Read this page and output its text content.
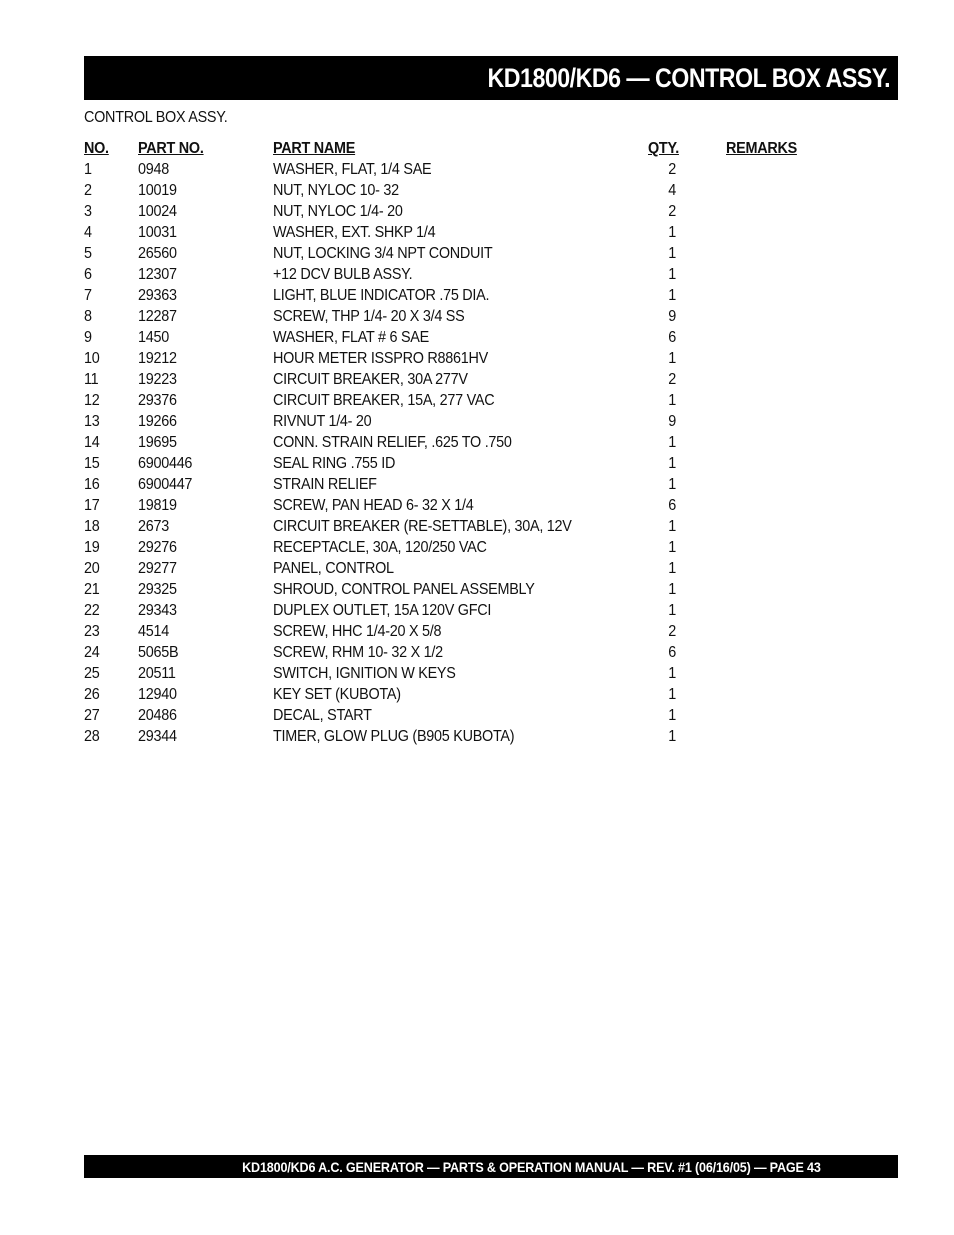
KD1800/KD6 — CONTROL BOX ASSY.
CONTROL BOX ASSY.
NO. PART NO.	PART NAME	QTY.	REMARKS
1	0948	WASHER, FLAT, 1/4 SAE	2
2	10019	NUT, NYLOC 10- 32	4
3	10024	NUT, NYLOC 1/4- 20	2
4	10031	WASHER, EXT. SHKP 1/4	1
5	26560	NUT, LOCKING 3/4 NPT CONDUIT	1
6	12307	+12 DCV BULB ASSY.	1
7	29363	LIGHT, BLUE INDICATOR .75 DIA.	1
8	12287	SCREW, THP 1/4- 20 X 3/4 SS	9
9	1450	WASHER, FLAT # 6 SAE	6
10 19212	HOUR METER ISSPRO R8861HV	1
11 19223	CIRCUIT BREAKER, 30A 277V	2
12 29376	CIRCUIT BREAKER, 15A, 277 VAC	1
13 19266	RIVNUT 1/4- 20	9
14 19695	CONN. STRAIN RELIEF, .625 TO .750	1
15 6900446	SEAL RING .755 ID	1
16 6900447	STRAIN RELIEF	1
17 19819	SCREW, PAN HEAD 6- 32 X 1/4	6
18 2673	CIRCUIT BREAKER (RE-SETTABLE), 30A, 12V	1
19 29276	RECEPTACLE, 30A, 120/250 VAC	1
20 29277	PANEL, CONTROL	1
21 29325	SHROUD, CONTROL PANEL ASSEMBLY	1
22 29343	DUPLEX OUTLET, 15A 120V GFCI	1
23 4514	SCREW, HHC 1/4-20 X 5/8	2
24 5065B	SCREW, RHM 10- 32 X 1/2	6
25 20511	SWITCH, IGNITION W KEYS	1
26 12940	KEY SET (KUBOTA)	1
27 20486	DECAL, START	1
28 29344	TIMER, GLOW PLUG (B905 KUBOTA)	1
KD1800/KD6 A.C. GENERATOR — PARTS & OPERATION MANUAL — REV. #1 (06/16/05) — PAGE 43
